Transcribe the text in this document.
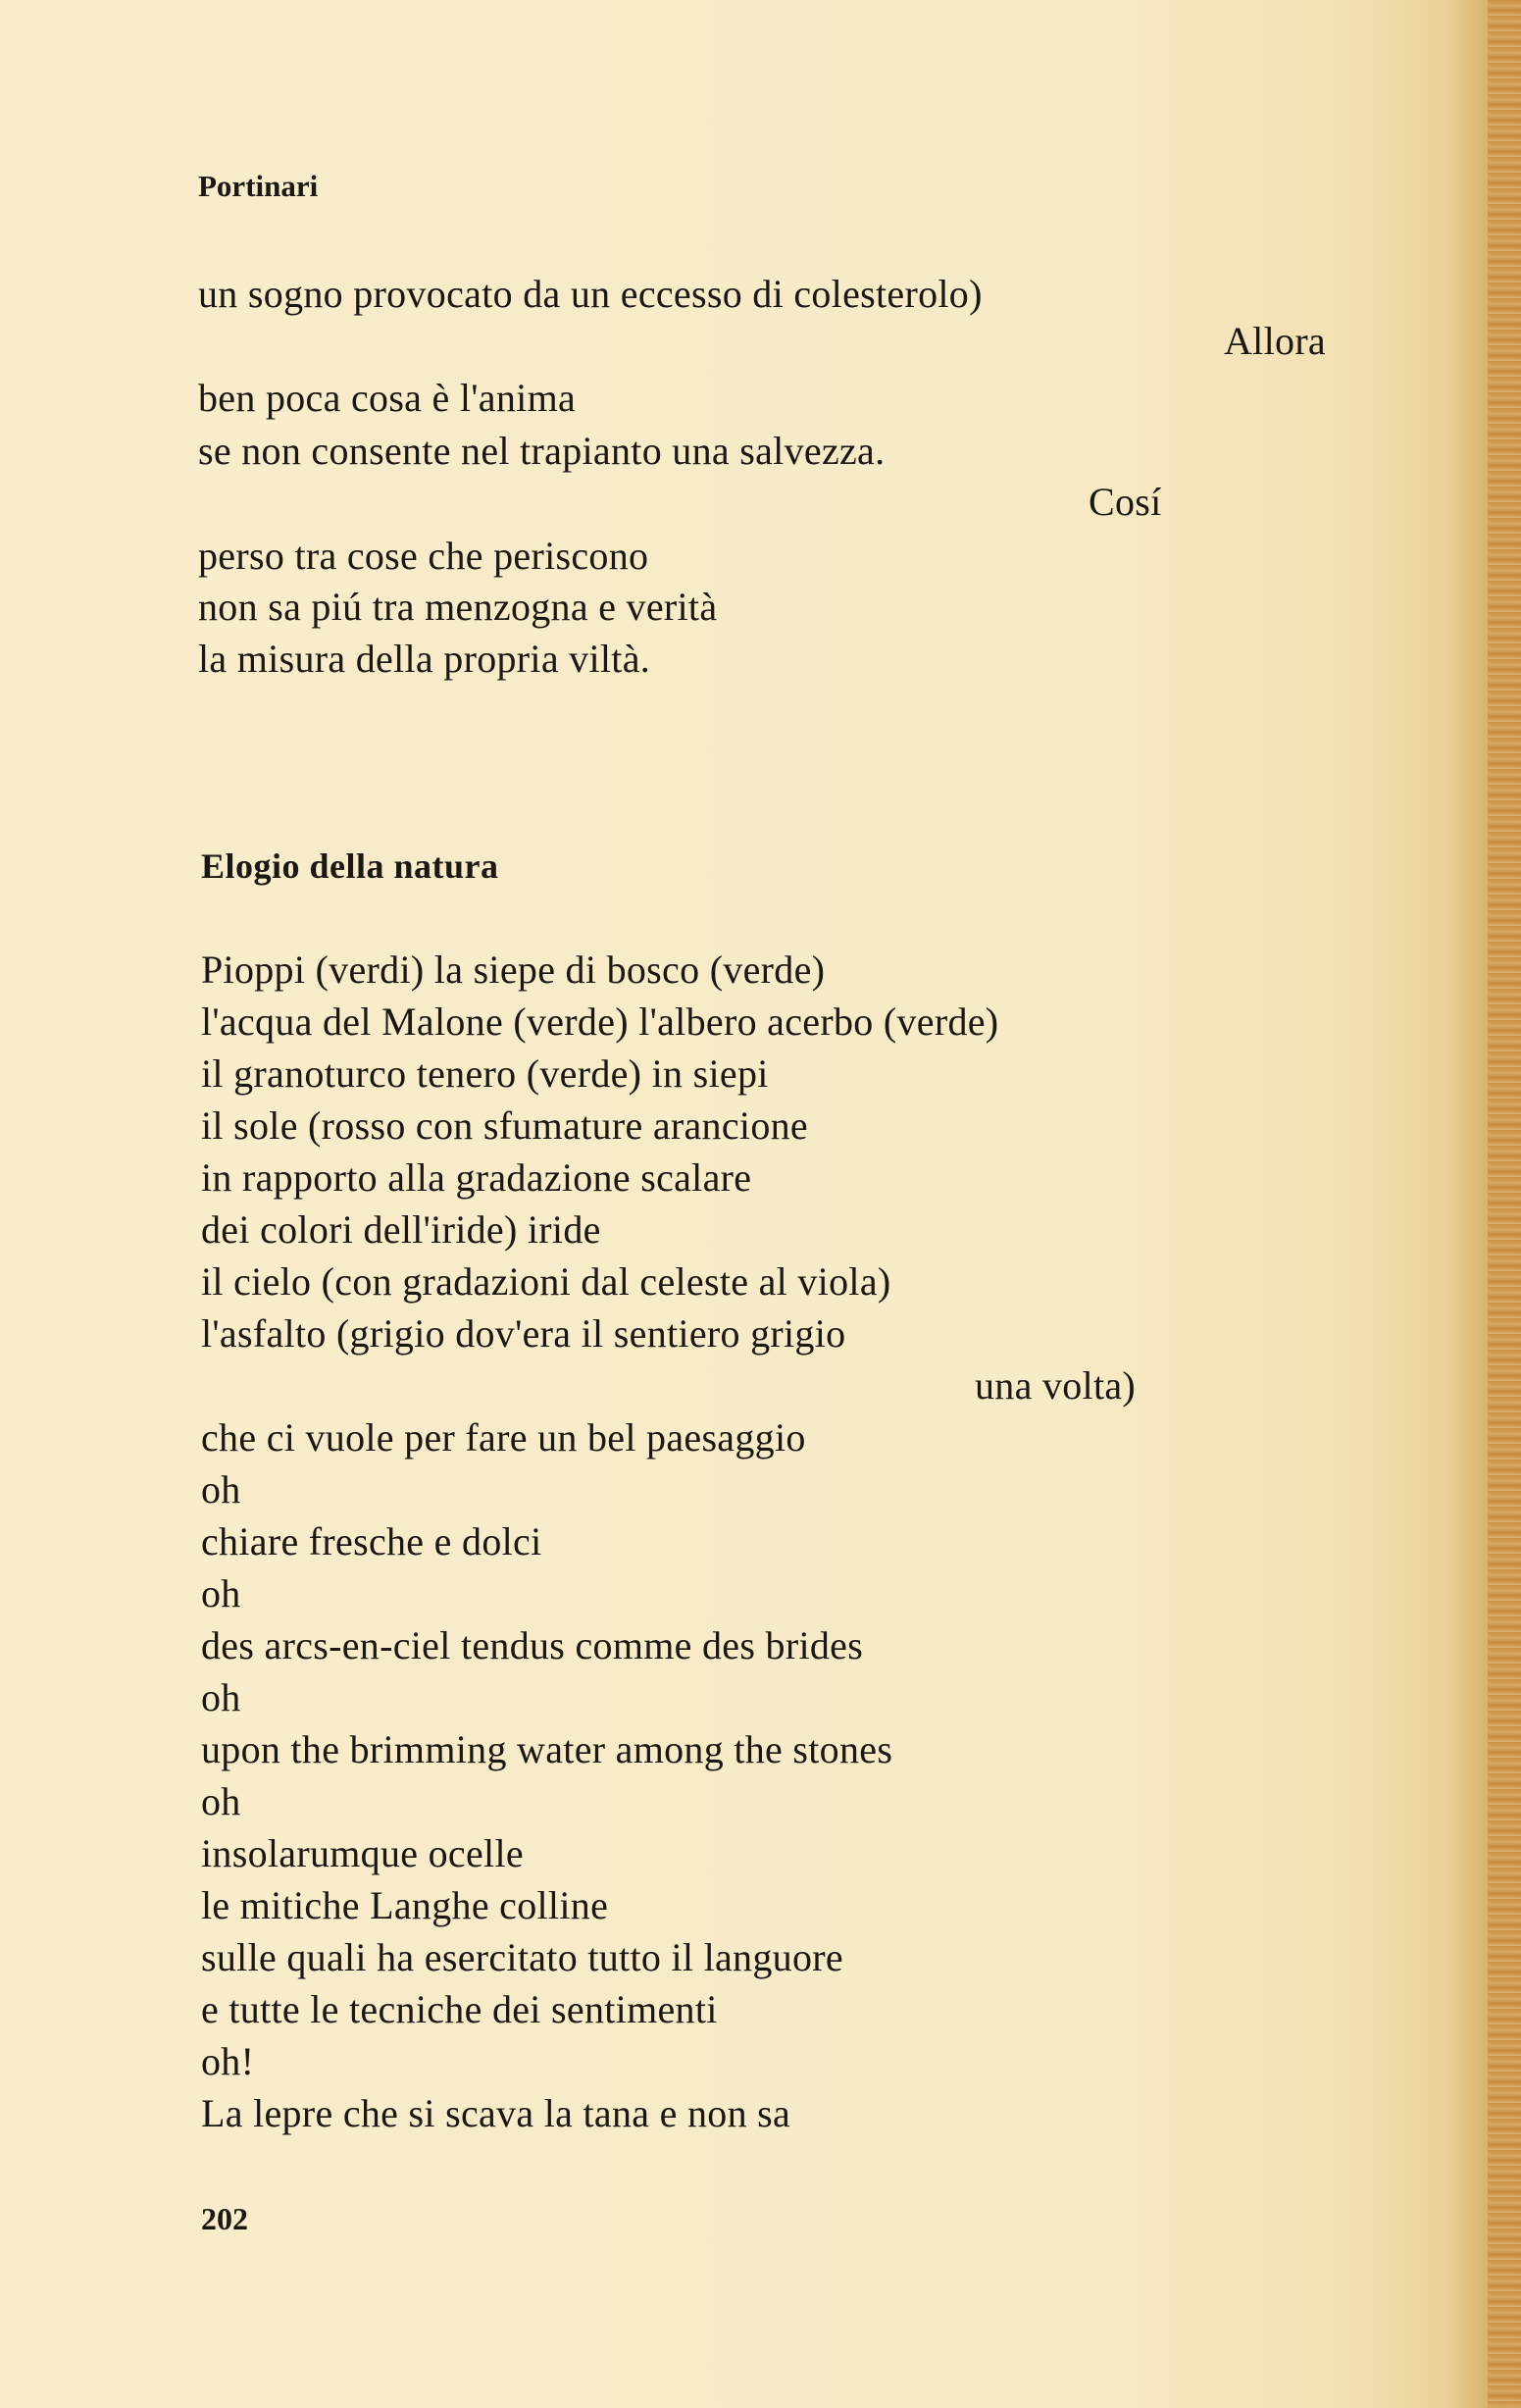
Portinari
un sogno provocato da un eccesso di colesterolo)
Allora
ben poca cosa è l'anima
se non consente nel trapianto una salvezza.
Cosí
perso tra cose che periscono
non sa piú tra menzogna e verità
la misura della propria viltà.
Elogio della natura
Pioppi (verdi) la siepe di bosco (verde)
l'acqua del Malone (verde) l'albero acerbo (verde)
il granoturco tenero (verde) in siepi
il sole (rosso con sfumature arancione
in rapporto alla gradazione scalare
dei colori dell'iride) iride
il cielo (con gradazioni dal celeste al viola)
l'asfalto (grigio dov'era il sentiero grigio
una volta)
che ci vuole per fare un bel paesaggio
oh
chiare fresche e dolci
oh
des arcs-en-ciel tendus comme des brides
oh
upon the brimming water among the stones
oh
insolarumque ocelle
le mitiche Langhe colline
sulle quali ha esercitato tutto il languore
e tutte le tecniche dei sentimenti
oh!
La lepre che si scava la tana e non sa
202
